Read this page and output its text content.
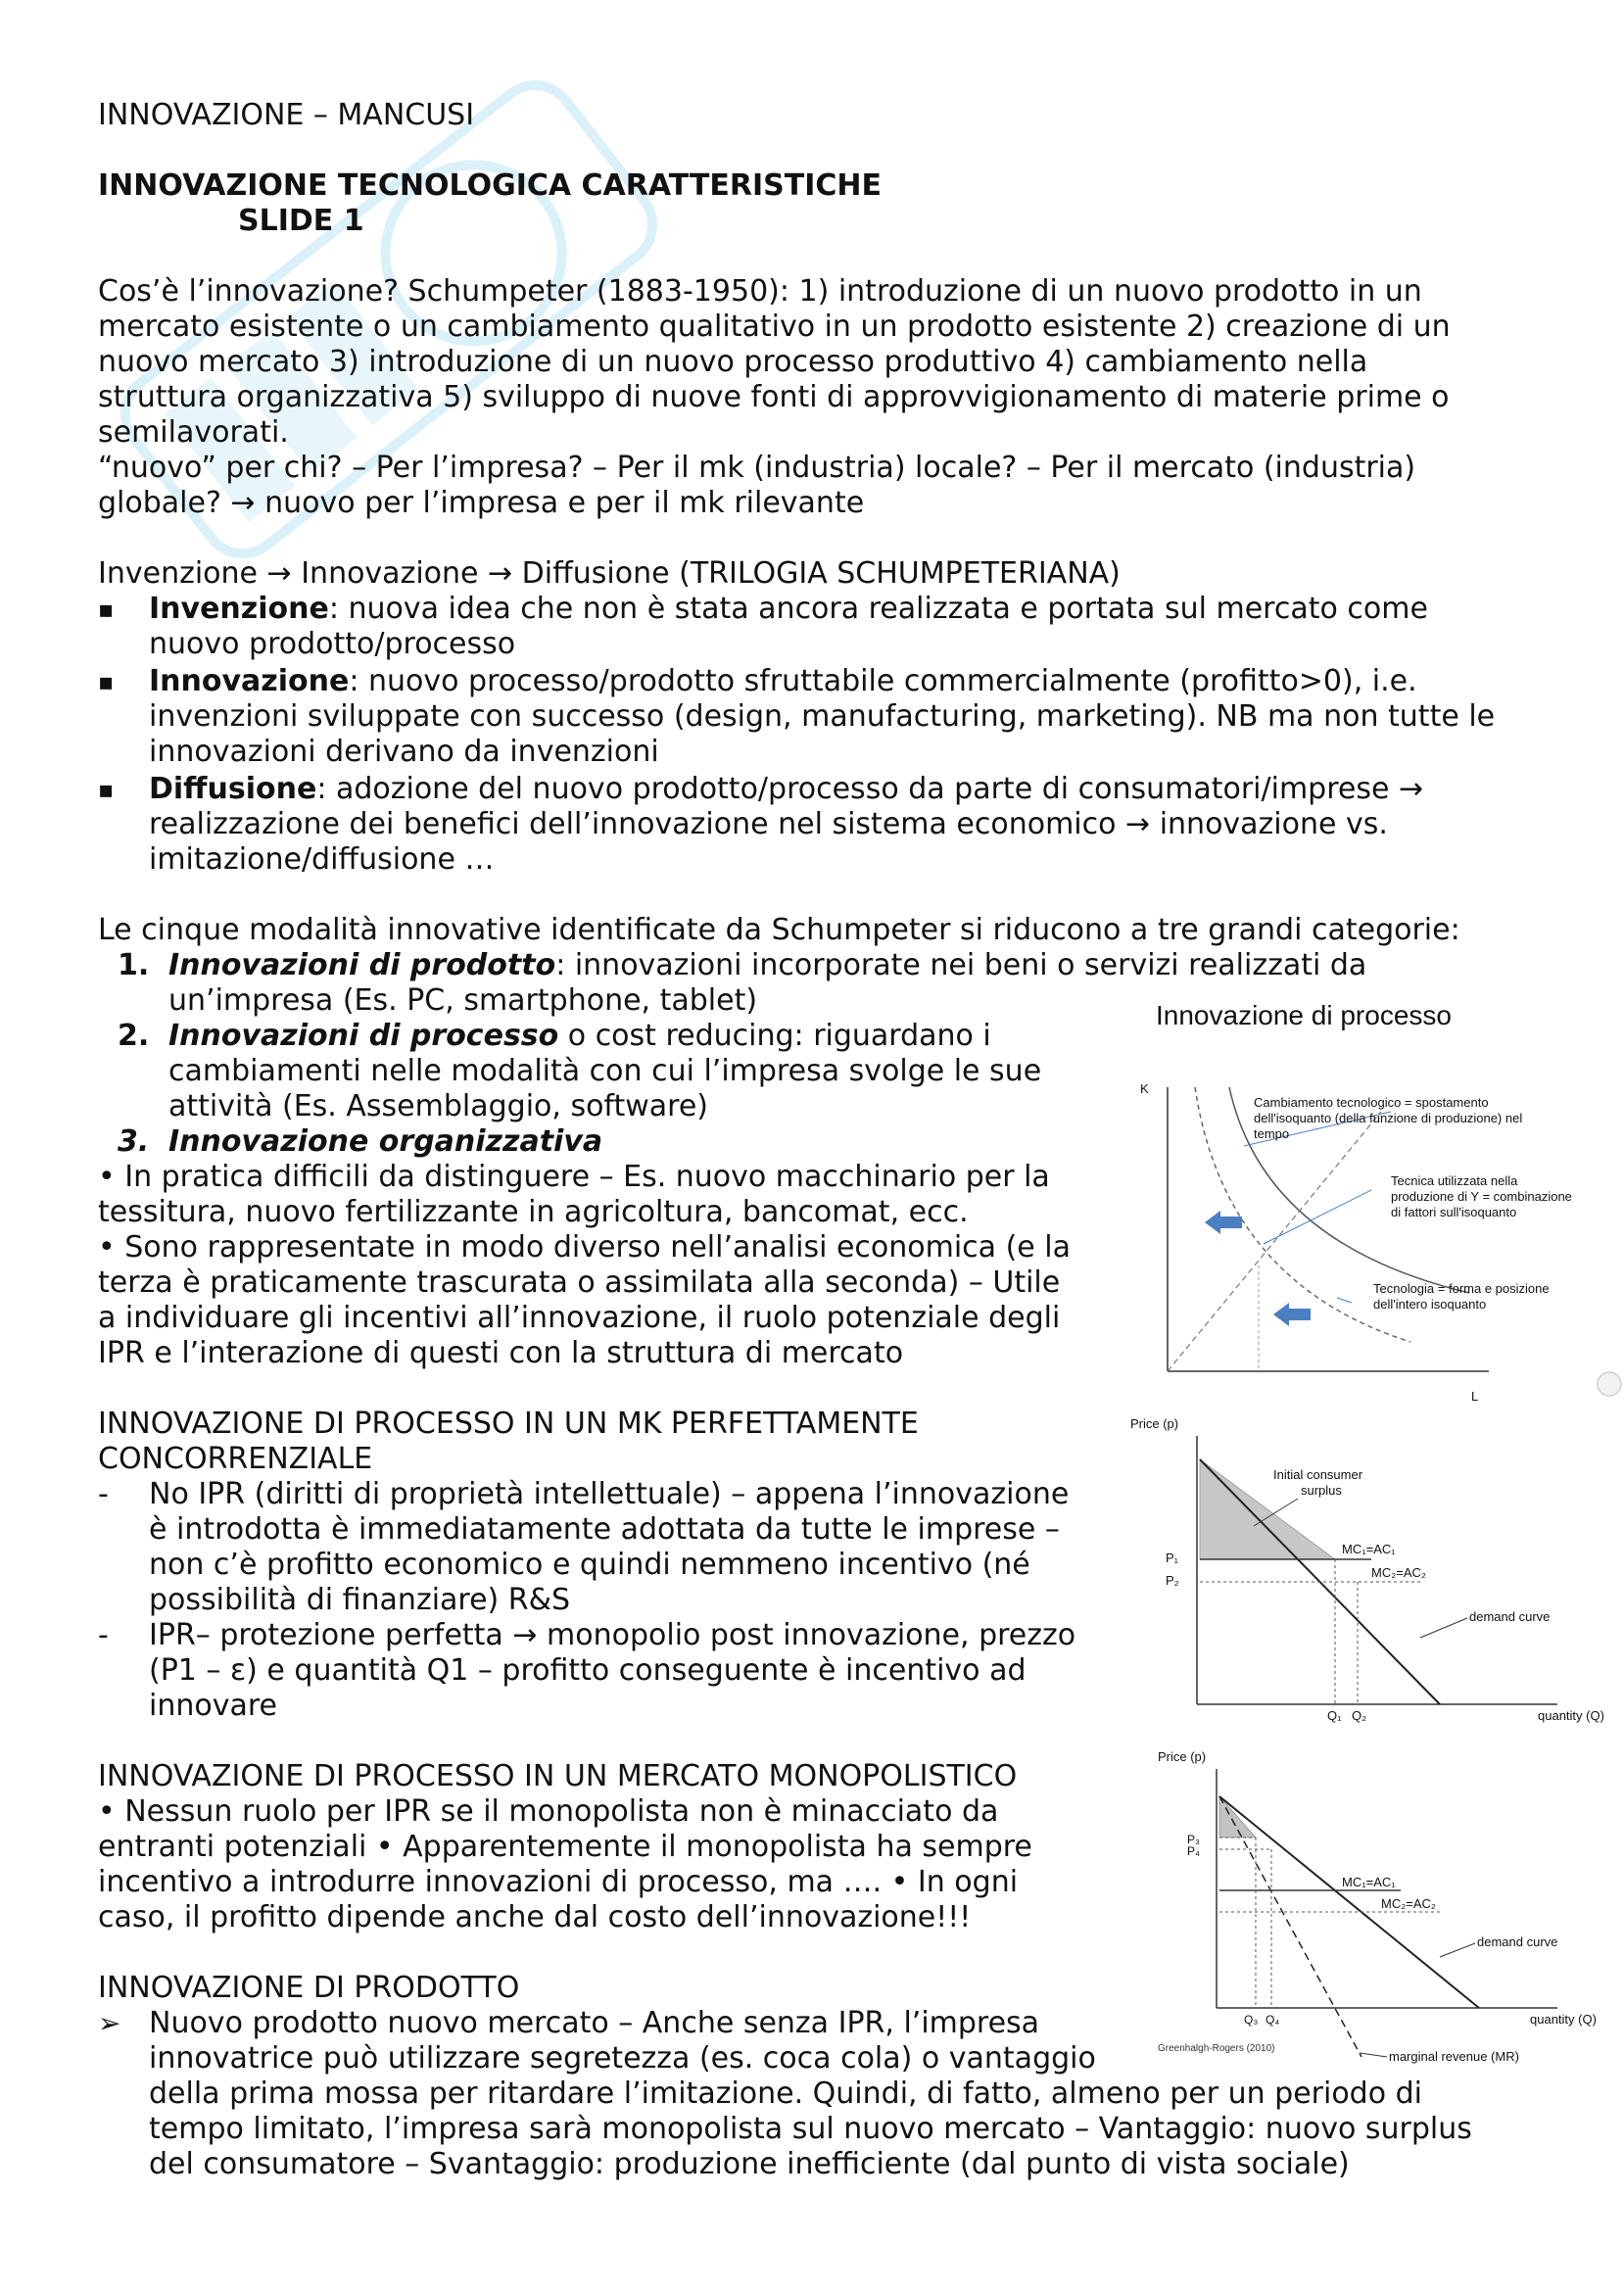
INNOVAZIONE – MANCUSI

INNOVAZIONE TECNOLOGICA CARATTERISTICHE

SLIDE 1

Cos’è l’innovazione? Schumpeter (1883-1950): 1) introduzione di un nuovo prodotto in un

mercato esistente o un cambiamento qualitativo in un prodotto esistente 2) creazione di un

nuovo mercato 3) introduzione di un nuovo processo produttivo 4) cambiamento nella

struttura organizzativa 5) sviluppo di nuove fonti di approvvigionamento di materie prime o

semilavorati.

“nuovo” per chi? – Per l’impresa? – Per il mk (industria) locale? – Per il mercato (industria)

globale? → nuovo per l’impresa e per il mk rilevante

Invenzione → Innovazione → Diffusione (TRILOGIA SCHUMPETERIANA)

▪ Invenzione: nuova idea che non è stata ancora realizzata e portata sul mercato come

nuovo prodotto/processo

▪ Innovazione: nuovo processo/prodotto sfruttabile commercialmente (profitto>0), i.e.

invenzioni sviluppate con successo (design, manufacturing, marketing). NB ma non tutte le

innovazioni derivano da invenzioni

▪ Diffusione: adozione del nuovo prodotto/processo da parte di consumatori/imprese →

realizzazione dei benefici dell’innovazione nel sistema economico → innovazione vs.

imitazione/diffusione …

Le cinque modalità innovative identificate da Schumpeter si riducono a tre grandi categorie:

1. Innovazioni di prodotto: innovazioni incorporate nei beni o servizi realizzati da

un’impresa (Es. PC, smartphone, tablet)

2. Innovazioni di processo o cost reducing: riguardano i

cambiamenti nelle modalità con cui l’impresa svolge le sue

attività (Es. Assemblaggio, software)

3. Innovazione organizzativa

• In pratica difficili da distinguere – Es. nuovo macchinario per la

tessitura, nuovo fertilizzante in agricoltura, bancomat, ecc.

• Sono rappresentate in modo diverso nell’analisi economica (e la

terza è praticamente trascurata o assimilata alla seconda) – Utile

a individuare gli incentivi all’innovazione, il ruolo potenziale degli

IPR e l’interazione di questi con la struttura di mercato

INNOVAZIONE DI PROCESSO IN UN MK PERFETTAMENTE

CONCORRENZIALE

- No IPR (diritti di proprietà intellettuale) – appena l’innovazione

è introdotta è immediatamente adottata da tutte le imprese –

non c’è profitto economico e quindi nemmeno incentivo (né

possibilità di finanziare) R&S

- IPR– protezione perfetta → monopolio post innovazione, prezzo

(P1 – ε) e quantità Q1 – profitto conseguente è incentivo ad

innovare

INNOVAZIONE DI PROCESSO IN UN MERCATO MONOPOLISTICO

• Nessun ruolo per IPR se il monopolista non è minacciato da

entranti potenziali • Apparentemente il monopolista ha sempre

incentivo a introdurre innovazioni di processo, ma …. • In ogni

caso, il profitto dipende anche dal costo dell’innovazione!!!

INNOVAZIONE DI PRODOTTO

➢ Nuovo prodotto nuovo mercato – Anche senza IPR, l’impresa

innovatrice può utilizzare segretezza (es. coca cola) o vantaggio

della prima mossa per ritardare l’imitazione. Quindi, di fatto, almeno per un periodo di

tempo limitato, l’impresa sarà monopolista sul nuovo mercato – Vantaggio: nuovo surplus

del consumatore – Svantaggio: produzione inefficiente (dal punto di vista sociale)

Innovazione di processo
K
L
Cambiamento tecnologico = spostamento
dell'isoquanto (della funzione di produzione) nel
tempo
Tecnica utilizzata nella
produzione di Y = combinazione
di fattori sull'isoquanto
Tecnologia = forma e posizione
dell'intero isoquanto
Price (p)
quantity (Q)
Initial consumer
surplus
P₁
P₂
MC₁=AC₁
MC₂=AC₂
demand curve
Q₁ Q₂
Price (p)
quantity (Q)
P₃
P₄
MC₁=AC₁
MC₂=AC₂
demand curve
Q₃ Q₄
Greenhalgh-Rogers (2010)
marginal revenue (MR)
